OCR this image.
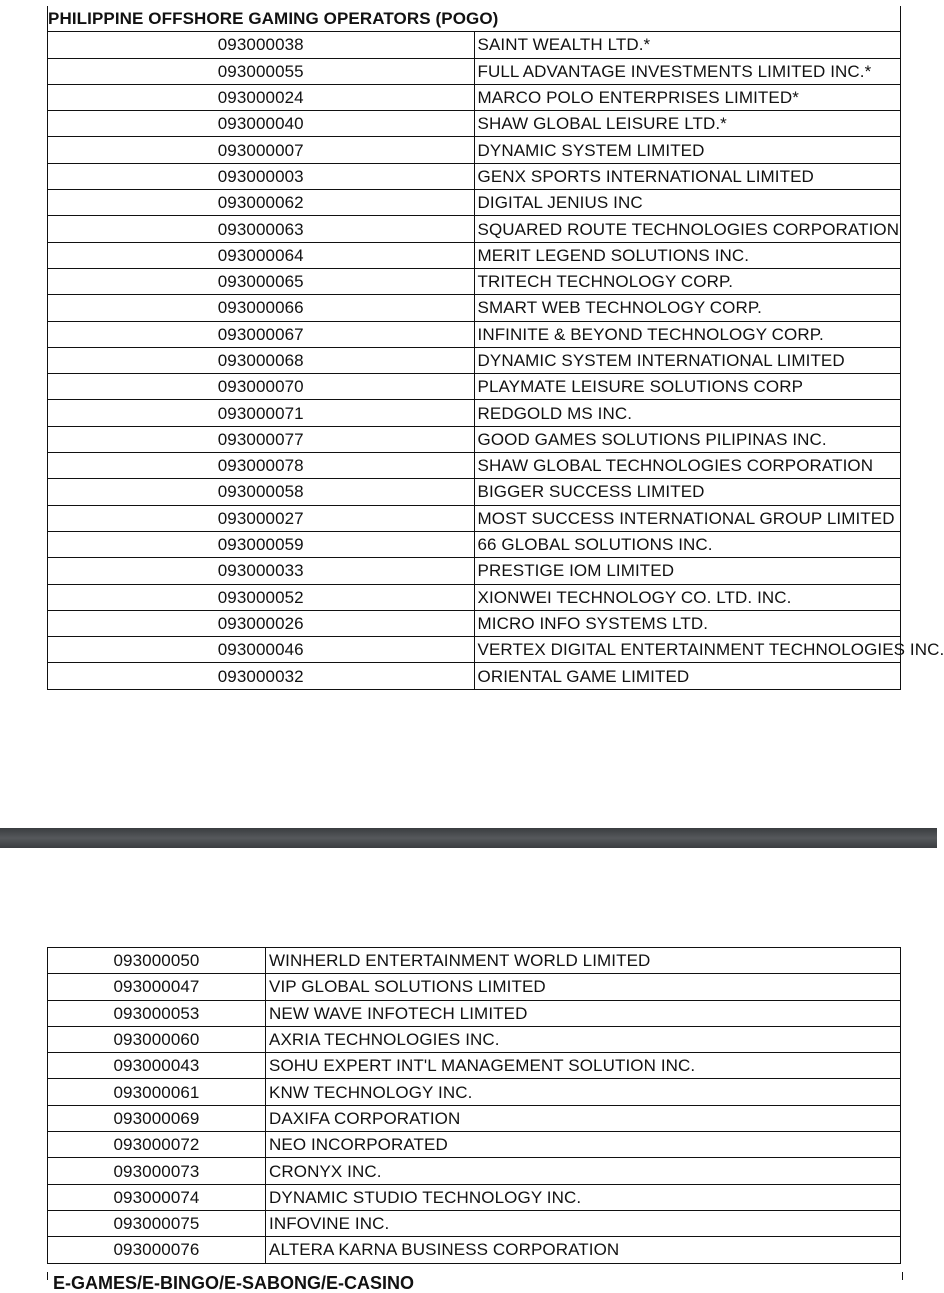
PHILIPPINE OFFSHORE GAMING OPERATORS (POGO)	
093000038	SAINT WEALTH LTD.*
093000055	FULL ADVANTAGE INVESTMENTS LIMITED INC.*
093000024	MARCO POLO ENTERPRISES LIMITED*
093000040	SHAW GLOBAL LEISURE LTD.*
093000007	DYNAMIC SYSTEM LIMITED
093000003	GENX SPORTS INTERNATIONAL LIMITED
093000062	DIGITAL JENIUS INC
093000063	SQUARED ROUTE TECHNOLOGIES CORPORATION
093000064	MERIT LEGEND SOLUTIONS INC.
093000065	TRITECH TECHNOLOGY CORP.
093000066	SMART WEB TECHNOLOGY CORP.
093000067	INFINITE & BEYOND TECHNOLOGY CORP.
093000068	DYNAMIC SYSTEM INTERNATIONAL LIMITED
093000070	PLAYMATE LEISURE SOLUTIONS CORP
093000071	REDGOLD MS INC.
093000077	GOOD GAMES SOLUTIONS PILIPINAS INC.
093000078	SHAW GLOBAL TECHNOLOGIES CORPORATION
093000058	BIGGER SUCCESS LIMITED
093000027	MOST SUCCESS INTERNATIONAL GROUP LIMITED
093000059	66 GLOBAL SOLUTIONS INC.
093000033	PRESTIGE IOM LIMITED
093000052	XIONWEI TECHNOLOGY CO. LTD. INC.
093000026	MICRO INFO SYSTEMS LTD.
093000046	VERTEX DIGITAL ENTERTAINMENT TECHNOLOGIES INC.
093000032	ORIENTAL GAME LIMITED
093000050	WINHERLD ENTERTAINMENT WORLD LIMITED
093000047	VIP GLOBAL SOLUTIONS LIMITED
093000053	NEW WAVE INFOTECH LIMITED
093000060	AXRIA TECHNOLOGIES INC.
093000043	SOHU EXPERT INT'L MANAGEMENT SOLUTION INC.
093000061	KNW TECHNOLOGY INC.
093000069	DAXIFA CORPORATION
093000072	NEO INCORPORATED
093000073	CRONYX INC.
093000074	DYNAMIC STUDIO TECHNOLOGY INC.
093000075	INFOVINE INC.
093000076	ALTERA KARNA BUSINESS CORPORATION
E-GAMES/E-BINGO/E-SABONG/E-CASINO
